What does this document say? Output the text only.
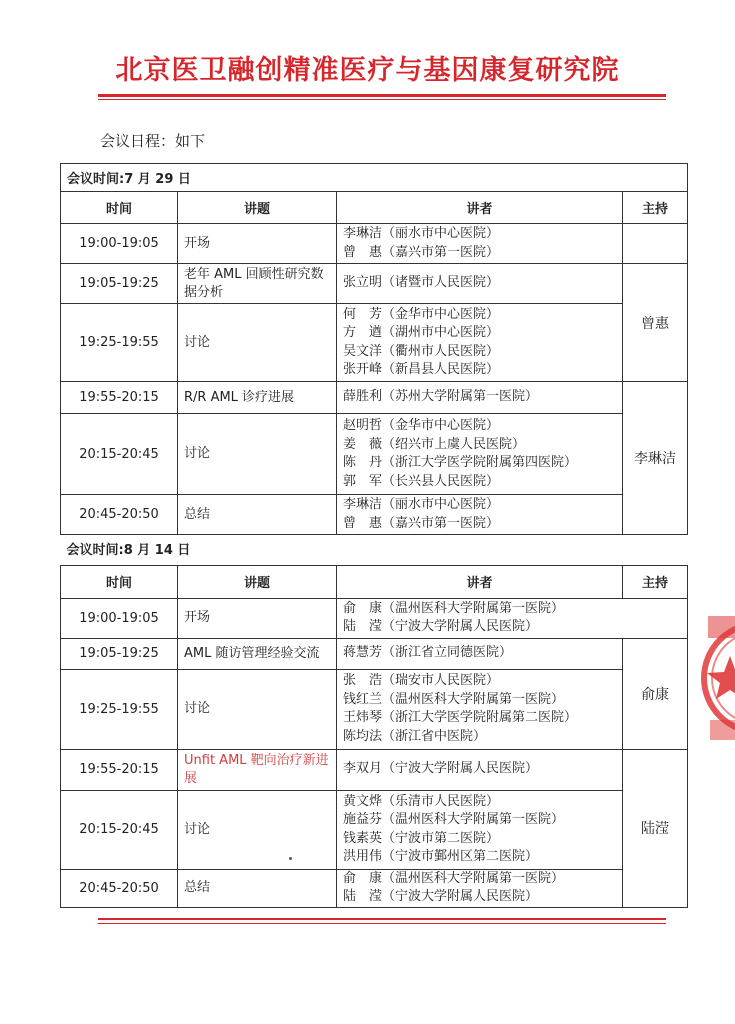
北京医卫融创精准医疗与基因康复研究院
会议日程：如下
会议时间:7 月 29 日			
时间	讲题	讲者	主持
19:00-19:05	开场	李琳洁（丽水市中心医院）
曾　惠（嘉兴市第一医院）	

19:05-19:25	老年 AML 回顾性研究数据分析	张立明（诸暨市人民医院）	曾惠
19:25-19:55	讨论	何　芳（金华市中心医院）
方　遒（湖州市中心医院）
吴文洋（衢州市人民医院）
张开峰（新昌县人民医院）	

19:55-20:15	R/R AML 诊疗进展	薛胜利（苏州大学附属第一医院）	李琳洁
20:15-20:45	讨论	赵明哲（金华市中心医院）
姜　薇（绍兴市上虞人民医院）
陈　丹（浙江大学医学院附属第四医院）
郭　军（长兴县人民医院）	

20:45-20:50	总结	李琳洁（丽水市中心医院）
曾　惠（嘉兴市第一医院）	
会议时间:8 月 14 日			
时间	讲题	讲者	主持
19:00-19:05	开场	俞　康（温州医科大学附属第一医院）
陆　滢（宁波大学附属人民医院）	

19:05-19:25	AML 随访管理经验交流	蒋慧芳（浙江省立同德医院）	俞康
19:25-19:55	讨论	张　浩（瑞安市人民医院）
钱红兰（温州医科大学附属第一医院）
王炜琴（浙江大学医学院附属第二医院）
陈均法（浙江省中医院）	

19:55-20:15	Unfit AML 靶向治疗新进展	李双月（宁波大学附属人民医院）	陆滢
20:15-20:45	讨论	黄文烨（乐清市人民医院）
施益芬（温州医科大学附属第一医院）
钱素英（宁波市第二医院）
洪用伟（宁波市鄞州区第二医院）	

20:45-20:50	总结	俞　康（温州医科大学附属第一医院）
陆　滢（宁波大学附属人民医院）	
